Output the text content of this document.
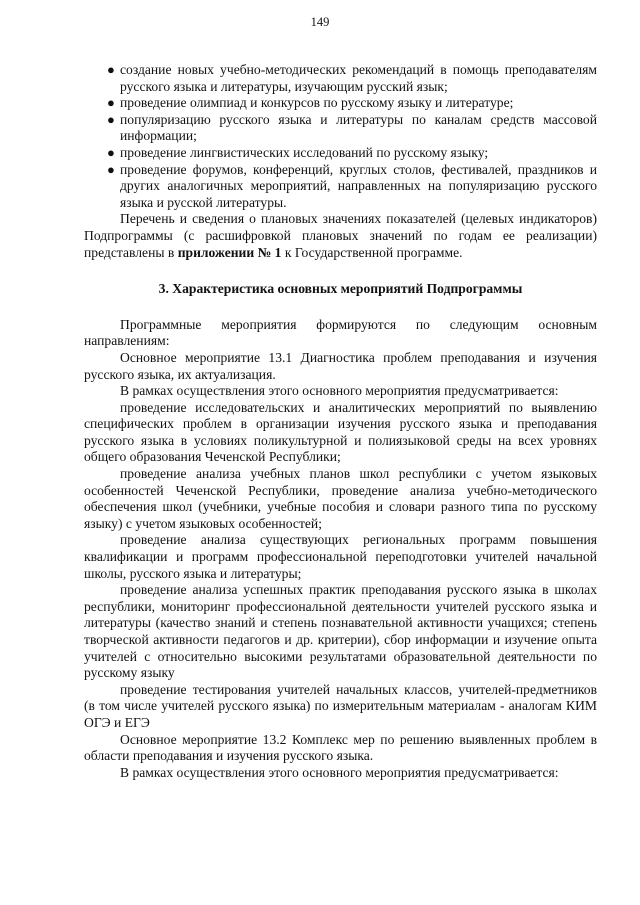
149
● создание новых учебно-методических рекомендаций в помощь преподавателям русского языка и литературы, изучающим русский язык;
● проведение олимпиад и конкурсов по русскому языку и литературе;
● популяризацию русского языка и литературы по каналам средств массовой информации;
● проведение лингвистических исследований по русскому языку;
● проведение форумов, конференций, круглых столов, фестивалей, праздников и других аналогичных мероприятий, направленных на популяризацию русского языка и русской литературы.

Перечень и сведения о плановых значениях показателей (целевых индикаторов) Подпрограммы (с расшифровкой плановых значений по годам ее реализации) представлены в приложении № 1 к Государственной программе.

3. Характеристика основных мероприятий Подпрограммы

Программные мероприятия формируются по следующим основным направлениям:

Основное мероприятие 13.1 Диагностика проблем преподавания и изучения русского языка, их актуализация.

В рамках осуществления этого основного мероприятия предусматривается:

проведение исследовательских и аналитических мероприятий по выявлению специфических проблем в организации изучения русского языка и преподавания русского языка в условиях поликультурной и полиязыковой среды на всех уровнях общего образования Чеченской Республики;

проведение анализа учебных планов школ республики с учетом языковых особенностей Чеченской Республики, проведение анализа учебно-методического обеспечения школ (учебники, учебные пособия и словари разного типа по русскому языку) с учетом языковых особенностей;

проведение анализа существующих региональных программ повышения квалификации и программ профессиональной переподготовки учителей начальной школы, русского языка и литературы;

проведение анализа успешных практик преподавания русского языка в школах республики, мониторинг профессиональной деятельности учителей русского языка и литературы (качество знаний и степень познавательной активности учащихся; степень творческой активности педагогов и др. критерии), сбор информации и изучение опыта учителей с относительно высокими результатами образовательной деятельности по русскому языку

проведение тестирования учителей начальных классов, учителей-предметников (в том числе учителей русского языка) по измерительным материалам - аналогам КИМ ОГЭ и ЕГЭ

Основное мероприятие 13.2 Комплекс мер по решению выявленных проблем в области преподавания и изучения русского языка.

В рамках осуществления этого основного мероприятия предусматривается:
